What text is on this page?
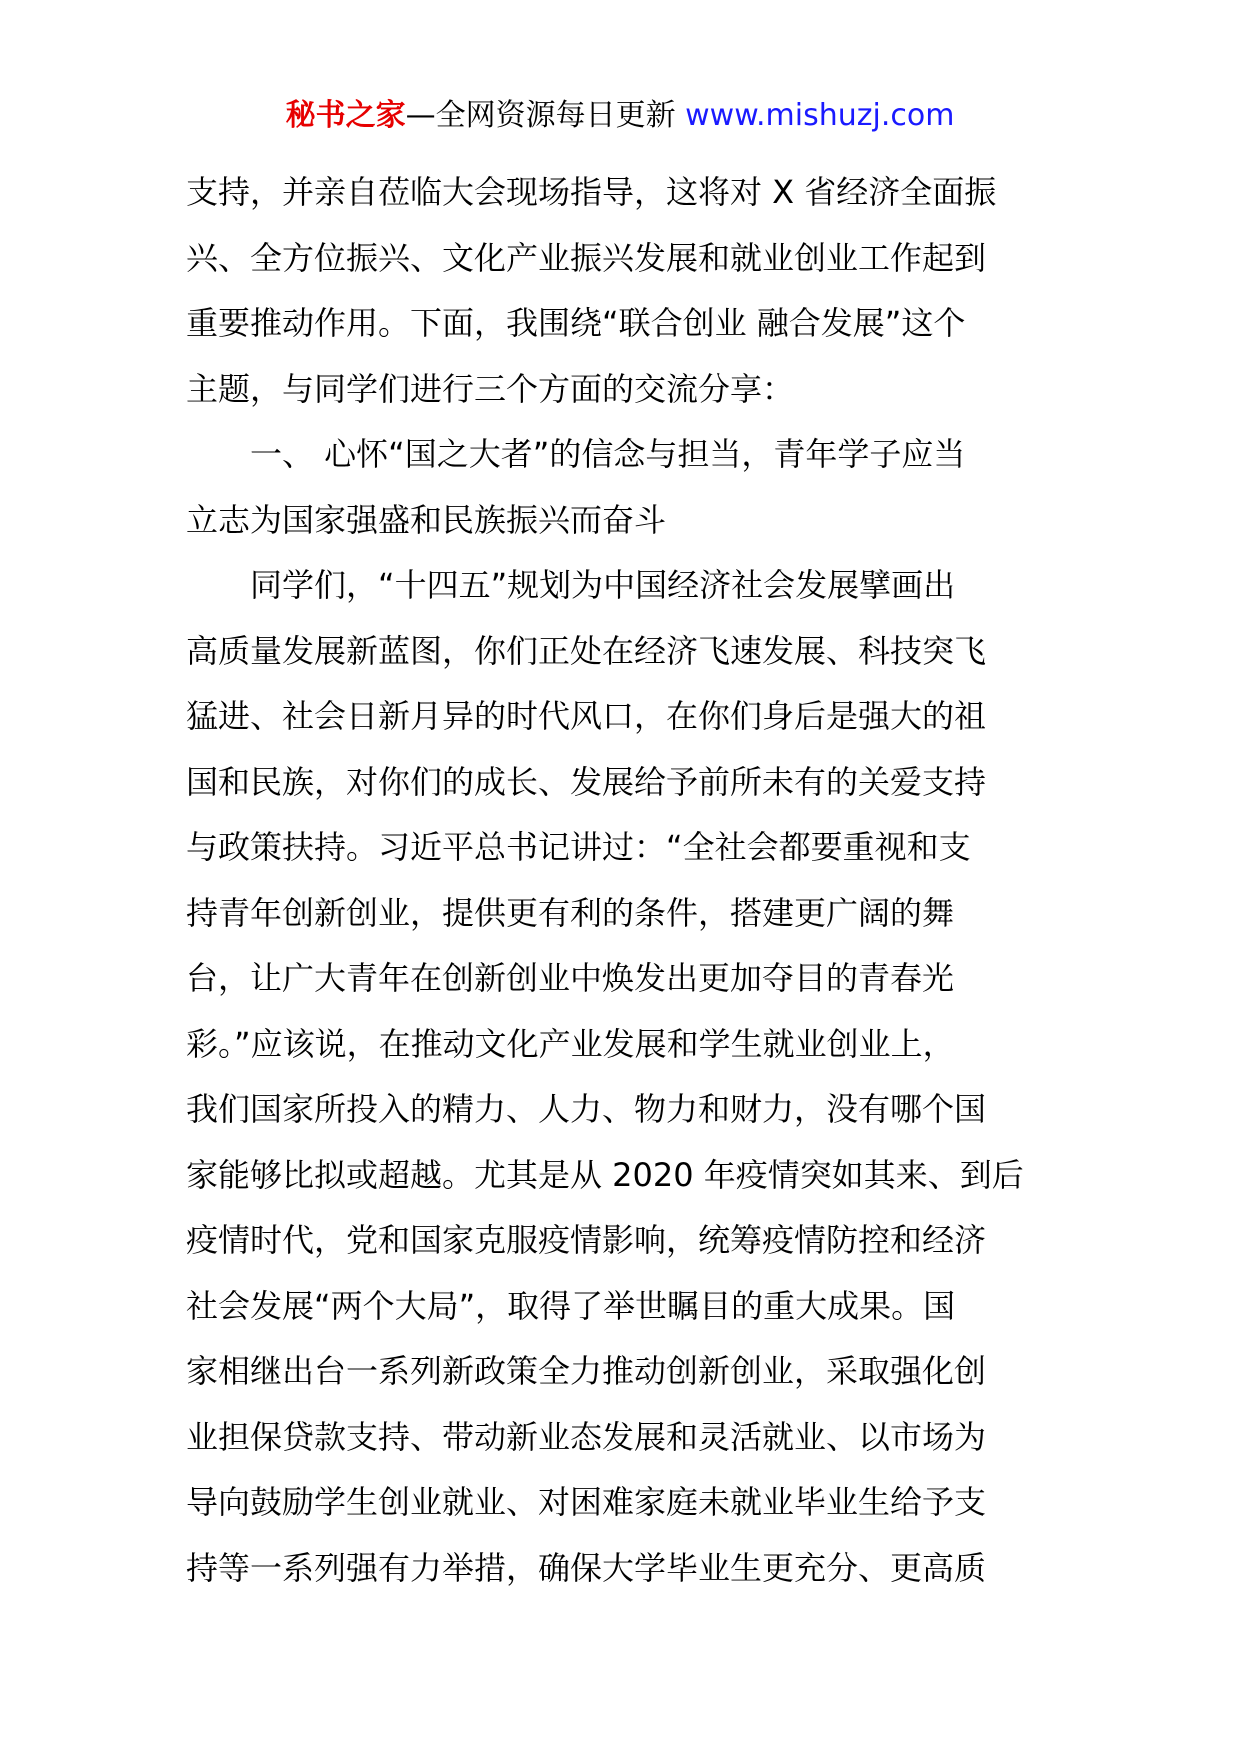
秘书之家—全网资源每日更新 www.mishuzj.com
支持，并亲自莅临大会现场指导，这将对 X 省经济全面振
兴、全方位振兴、文化产业振兴发展和就业创业工作起到
重要推动作用。下面，我围绕“联合创业 融合发展”这个
主题，与同学们进行三个方面的交流分享：
一、 心怀“国之大者”的信念与担当，青年学子应当
立志为国家强盛和民族振兴而奋斗
同学们，“十四五”规划为中国经济社会发展擘画出
高质量发展新蓝图，你们正处在经济飞速发展、科技突飞
猛进、社会日新月异的时代风口，在你们身后是强大的祖
国和民族，对你们的成长、发展给予前所未有的关爱支持
与政策扶持。习近平总书记讲过：“全社会都要重视和支
持青年创新创业，提供更有利的条件，搭建更广阔的舞
台，让广大青年在创新创业中焕发出更加夺目的青春光
彩。”应该说，在推动文化产业发展和学生就业创业上，
我们国家所投入的精力、人力、物力和财力，没有哪个国
家能够比拟或超越。尤其是从 2020 年疫情突如其来、到后
疫情时代，党和国家克服疫情影响，统筹疫情防控和经济
社会发展“两个大局”，取得了举世瞩目的重大成果。国
家相继出台一系列新政策全力推动创新创业，采取强化创
业担保贷款支持、带动新业态发展和灵活就业、以市场为
导向鼓励学生创业就业、对困难家庭未就业毕业生给予支
持等一系列强有力举措，确保大学毕业生更充分、更高质
